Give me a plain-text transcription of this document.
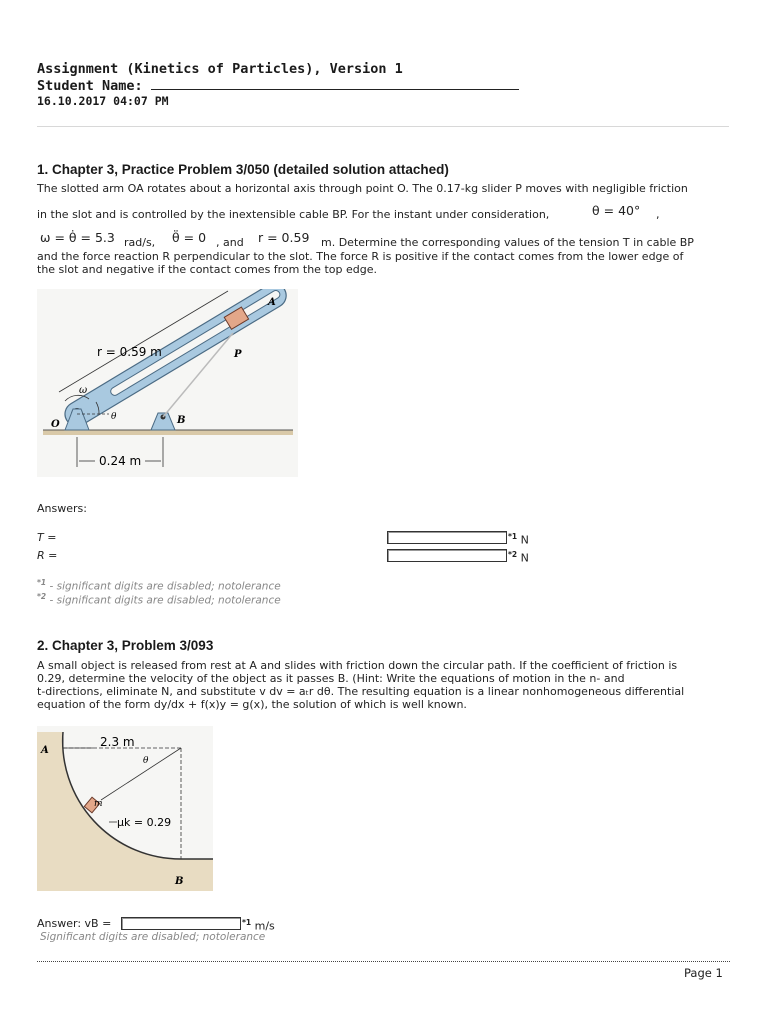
Assignment (Kinetics of Particles), Version 1
Student Name:
16.10.2017 04:07 PM
1. Chapter 3, Practice Problem 3/050 (detailed solution attached)
The slotted arm OA rotates about a horizontal axis through point O. The 0.17-kg slider P moves with negligible friction
in the slot and is controlled by the inextensible cable BP. For the instant under consideration,	θ = 40° ,
ω = θ̇ = 5.3 rad/s, θ̈ = 0 , and r = 0.59 m. Determine the corresponding values of the tension T in cable BP
and the force reaction R perpendicular to the slot. The force R is positive if the contact comes from the lower edge of
the slot and negative if the contact comes from the top edge.
r = 0.59 m
A
P
O	B
ω
θ
0.24 m
Answers:
T =	$^{*1}$ N
R =	$^{*2}$ N
$^{*1}$ - significant digits are disabled; notolerance
$^{*2}$ - significant digits are disabled; notolerance
2. Chapter 3, Problem 3/093
A small object is released from rest at A and slides with friction down the circular path. If the coefficient of friction is
0.29, determine the velocity of the object as it passes B. (Hint: Write the equations of motion in the n- and
t-directions, eliminate N, and substitute v dv = aₜr dθ. The resulting equation is a linear nonhomogeneous differential
equation of the form dy/dx + f(x)y = g(x), the solution of which is well known.
2.3 m
A
B
m
θ
μk = 0.29
Answer: vB =	$^{*1}$ m/s
Significant digits are disabled; notolerance
Page 1
